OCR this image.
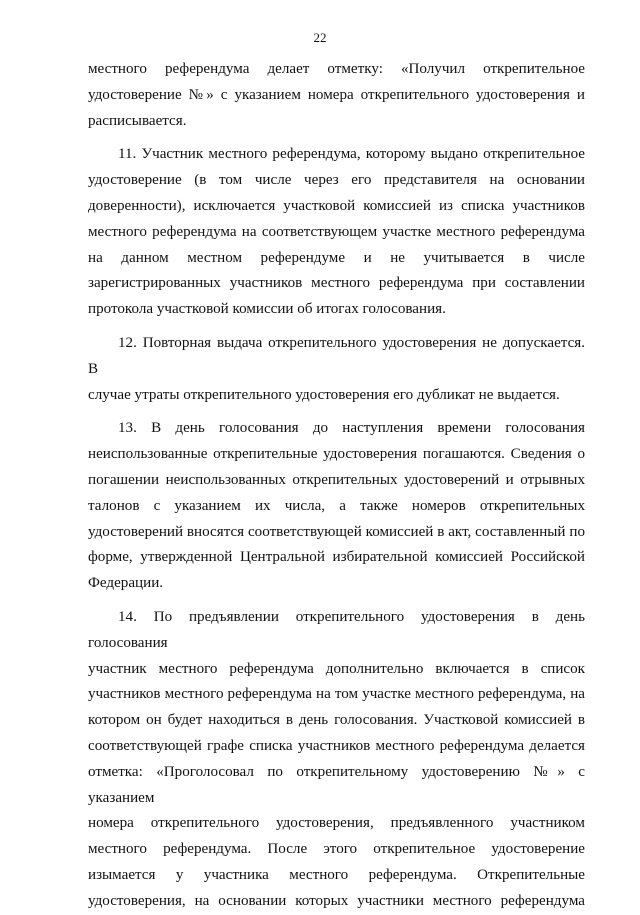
22

местного референдума делает отметку: «Получил открепительное
удостоверение №» с указанием номера открепительного удостоверения и
расписывается.

11. Участник местного референдума, которому выдано открепительное
удостоверение (в том числе через его представителя на основании
доверенности), исключается участковой комиссией из списка участников
местного референдума на соответствующем участке местного референдума
на данном местном референдуме и не учитывается в числе
зарегистрированных участников местного референдума при составлении
протокола участковой комиссии об итогах голосования.

12. Повторная выдача открепительного удостоверения не допускается. В
случае утраты открепительного удостоверения его дубликат не выдается.

13. В день голосования до наступления времени голосования
неиспользованные открепительные удостоверения погашаются. Сведения о
погашении неиспользованных открепительных удостоверений и отрывных
талонов с указанием их числа, а также номеров открепительных
удостоверений вносятся соответствующей комиссией в акт, составленный по
форме, утвержденной Центральной избирательной комиссией Российской
Федерации.

14. По предъявлении открепительного удостоверения в день голосования
участник местного референдума дополнительно включается в список
участников местного референдума на том участке местного референдума, на
котором он будет находиться в день голосования. Участковой комиссией в
соответствующей графе списка участников местного референдума делается
отметка: «Проголосовал по открепительному удостоверению №» с указанием
номера открепительного удостоверения, предъявленного участником
местного референдума. После этого открепительное удостоверение
изымается у участника местного референдума. Открепительные
удостоверения, на основании которых участники местного референдума
